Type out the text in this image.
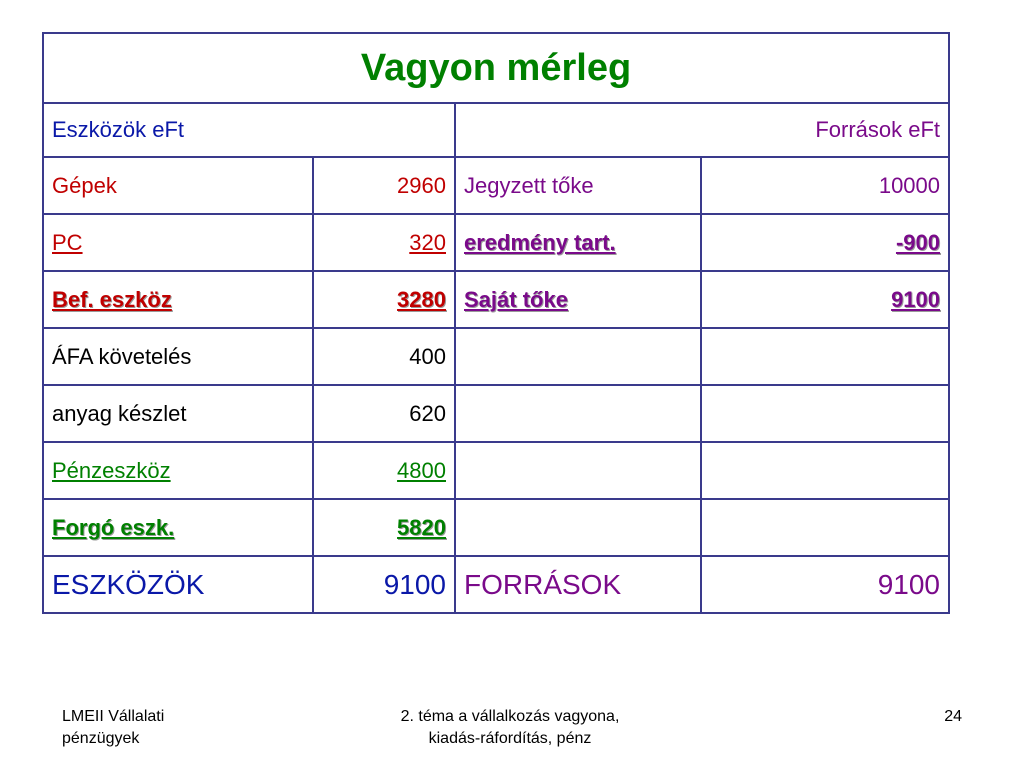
Vagyon mérleg			
Eszközök eFt		Források eFt	
Gépek	2960	Jegyzett tőke	10000
PC	320	eredmény tart.	-900
Bef. eszköz	3280	Saját tőke	9100
ÁFA követelés	400		
anyag készlet	620		
Pénzeszköz	4800		
Forgó eszk.	5820		
ESZKÖZÖK	9100	FORRÁSOK	9100
LMEII Vállalati
pénzügyek
2. téma a vállalkozás vagyona,
kiadás-ráfordítás, pénz
24
